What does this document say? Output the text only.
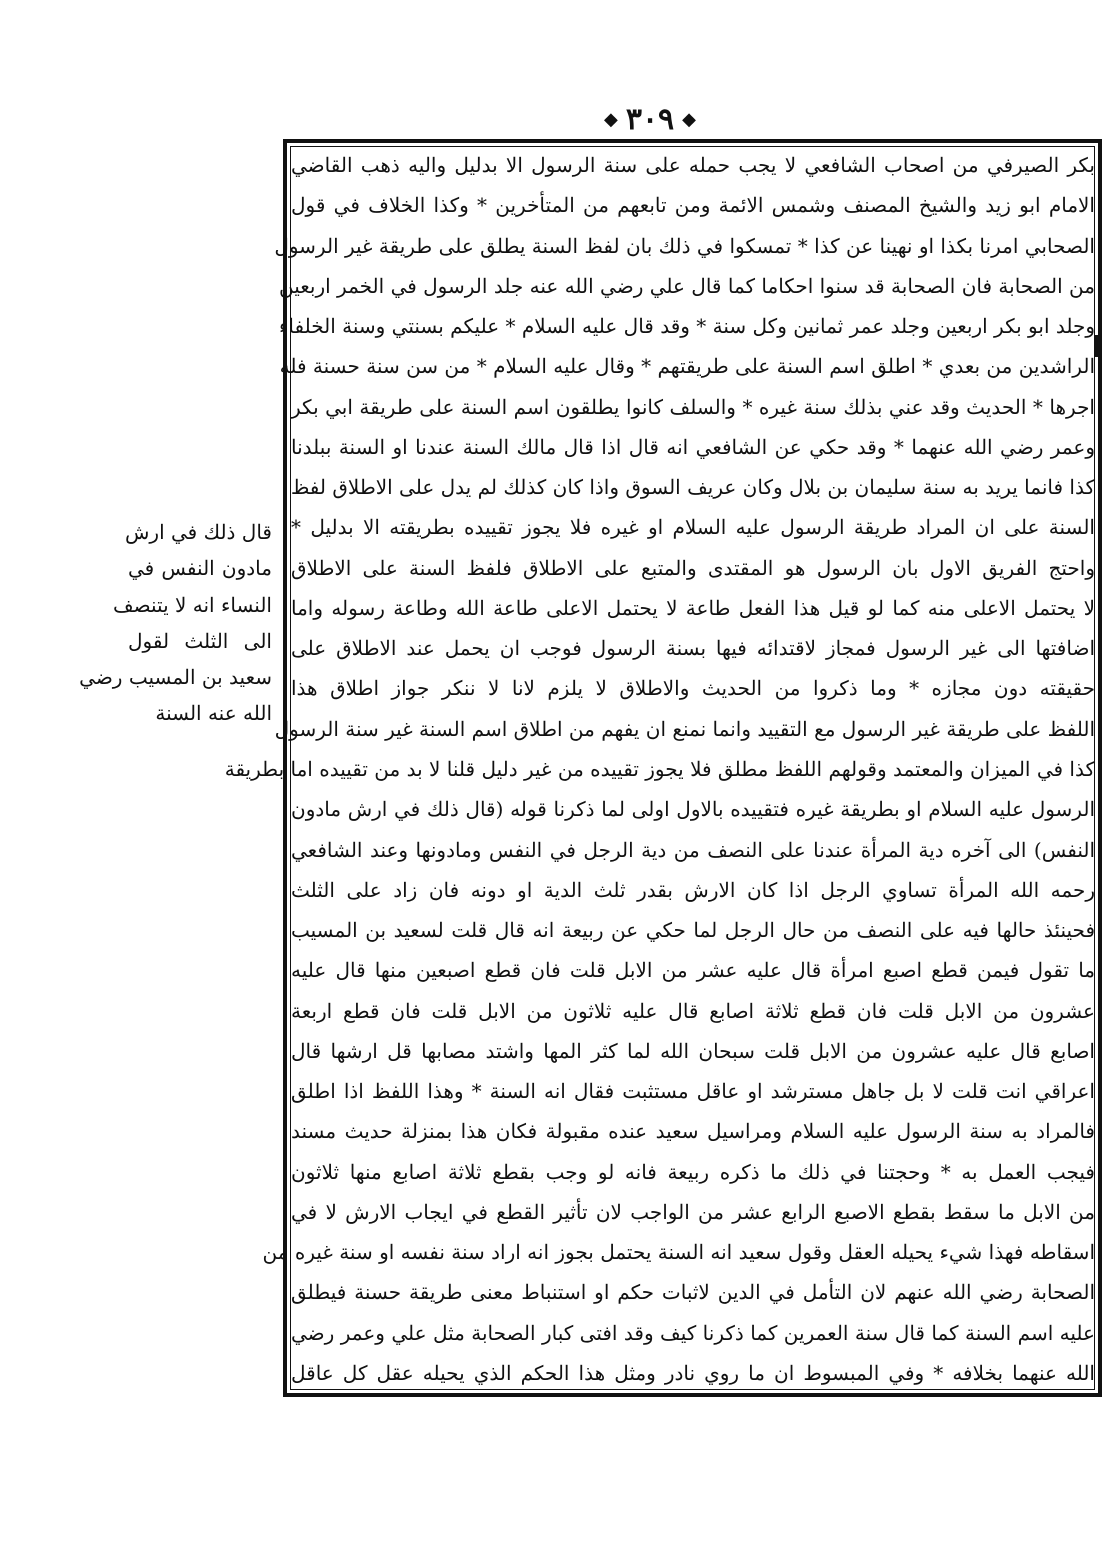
◆
۳۰۹
◆
قال ذلك في ارش
مادون النفس في
النساء انه لا يتنصف
الى الثلث لقول
سعيد بن المسيب رضي
الله عنه السنة
بكر الصيرفي من اصحاب الشافعي لا يجب حمله على سنة الرسول الا بدليل واليه ذهب القاضي
الامام ابو زيد والشيخ المصنف وشمس الائمة ومن تابعهم من المتأخرين * وكذا الخلاف في قول
الصحابي امرنا بكذا او نهينا عن كذا * تمسكوا في ذلك بان لفظ السنة يطلق على طريقة غير الرسول
من الصحابة فان الصحابة قد سنوا احكاما كما قال علي رضي الله عنه جلد الرسول في الخمر اربعين
وجلد ابو بكر اربعين وجلد عمر ثمانين وكل سنة * وقد قال عليه السلام * عليكم بسنتي وسنة الخلفاء
الراشدين من بعدي * اطلق اسم السنة على طريقتهم * وقال عليه السلام * من سن سنة حسنة فله
اجرها * الحديث وقد عني بذلك سنة غيره * والسلف كانوا يطلقون اسم السنة على طريقة ابي بكر
وعمر رضي الله عنهما * وقد حكي عن الشافعي انه قال اذا قال مالك السنة عندنا او السنة ببلدنا
كذا فانما يريد به سنة سليمان بن بلال وكان عريف السوق واذا كان كذلك لم يدل على الاطلاق لفظ
السنة على ان المراد طريقة الرسول عليه السلام او غيره فلا يجوز تقييده بطريقته الا بدليل *
واحتج الفريق الاول بان الرسول هو المقتدى والمتبع على الاطلاق فلفظ السنة على الاطلاق
لا يحتمل الاعلى منه كما لو قيل هذا الفعل طاعة لا يحتمل الاعلى طاعة الله وطاعة رسوله واما
اضافتها الى غير الرسول فمجاز لاقتدائه فيها بسنة الرسول فوجب ان يحمل عند الاطلاق على
حقيقته دون مجازه * وما ذكروا من الحديث والاطلاق لا يلزم لانا لا ننكر جواز اطلاق هذا
اللفظ على طريقة غير الرسول مع التقييد وانما نمنع ان يفهم من اطلاق اسم السنة غير سنة الرسول
كذا في الميزان والمعتمد وقولهم اللفظ مطلق فلا يجوز تقييده من غير دليل قلنا لا بد من تقييده اما بطريقة
الرسول عليه السلام او بطريقة غيره فتقييده بالاول اولى لما ذكرنا قوله (قال ذلك في ارش مادون
النفس) الى آخره دية المرأة عندنا على النصف من دية الرجل في النفس ومادونها وعند الشافعي
رحمه الله المرأة تساوي الرجل اذا كان الارش بقدر ثلث الدية او دونه فان زاد على الثلث
فحينئذ حالها فيه على النصف من حال الرجل لما حكي عن ربيعة انه قال قلت لسعيد بن المسيب
ما تقول فيمن قطع اصبع امرأة قال عليه عشر من الابل قلت فان قطع اصبعين منها قال عليه
عشرون من الابل قلت فان قطع ثلاثة اصابع قال عليه ثلاثون من الابل قلت فان قطع اربعة
اصابع قال عليه عشرون من الابل قلت سبحان الله لما كثر المها واشتد مصابها قل ارشها قال
اعراقي انت قلت لا بل جاهل مسترشد او عاقل مستثبت فقال انه السنة * وهذا اللفظ اذا اطلق
فالمراد به سنة الرسول عليه السلام ومراسيل سعيد عنده مقبولة فكان هذا بمنزلة حديث مسند
فيجب العمل به * وحجتنا في ذلك ما ذكره ربيعة فانه لو وجب بقطع ثلاثة اصابع منها ثلاثون
من الابل ما سقط بقطع الاصبع الرابع عشر من الواجب لان تأثير القطع في ايجاب الارش لا في
اسقاطه فهذا شيء يحيله العقل وقول سعيد انه السنة يحتمل بجوز انه اراد سنة نفسه او سنة غيره من
الصحابة رضي الله عنهم لان التأمل في الدين لاثبات حكم او استنباط معنى طريقة حسنة فيطلق
عليه اسم السنة كما قال سنة العمرين كما ذكرنا كيف وقد افتى كبار الصحابة مثل علي وعمر رضي
الله عنهما بخلافه * وفي المبسوط ان ما روي نادر ومثل هذا الحكم الذي يحيله عقل كل عاقل
